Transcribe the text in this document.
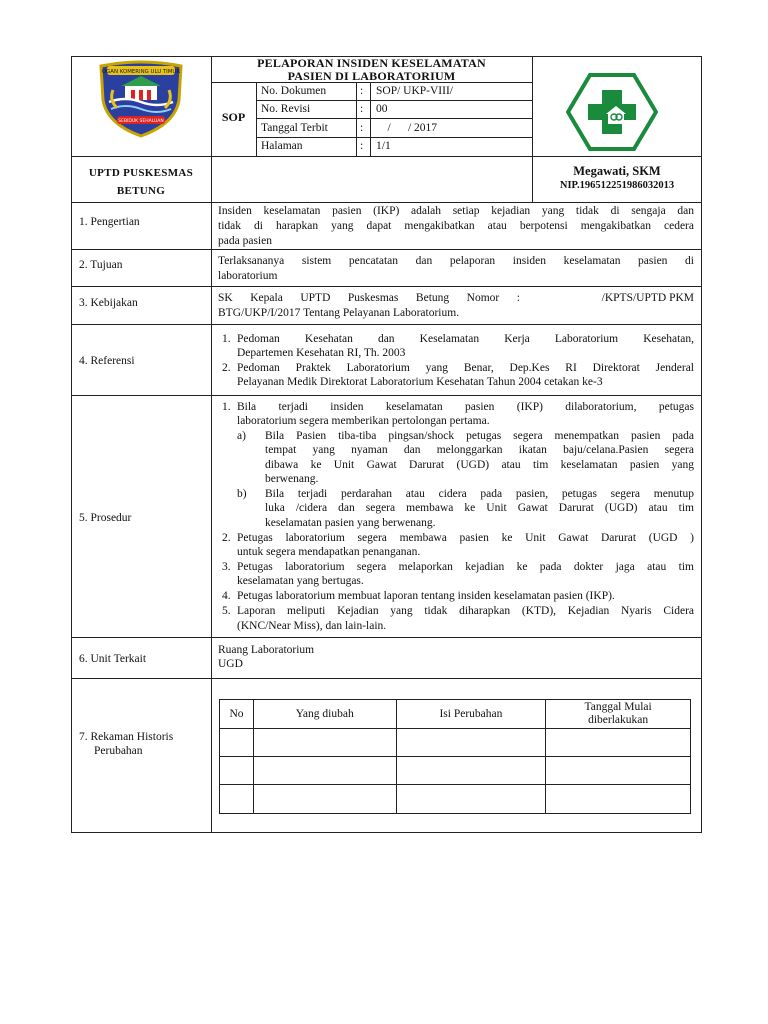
OGAN KOMERING ULU TIMUR
SEBIDUK SEHALUAN
PELAPORAN INSIDEN KESELAMATAN
PASIEN DI LABORATORIUM
SOP
No. Dokumen	: SOP/ UKP-VIII/
No. Revisi	: 00
Tanggal Terbit	: /      / 2017
Halaman	: 1/1
UPTD PUSKESMAS
BETUNG
Megawati, SKM
NIP.196512251986032013
1. Pengertian
Insiden keselamatan pasien (IKP) adalah setiap kejadian yang tidak di sengaja dan
tidak di harapkan yang dapat mengakibatkan atau berpotensi mengakibatkan cedera
pada pasien
2. Tujuan	Terlaksananya sistem pencatatan dan pelaporan insiden keselamatan pasien di
laboratorium
3. Kebijakan	SK Kepala UPTD Puskesmas Betung Nomor :	/KPTS/UPTD PKM
BTG/UKP/I/2017 Tentang Pelayanan Laboratorium.
4. Referensi
1. Pedoman Kesehatan dan Keselamatan Kerja Laboratorium Kesehatan,
Departemen Kesehatan RI, Th. 2003
2. Pedoman Praktek Laboratorium yang Benar, Dep.Kes RI Direktorat Jenderal
Pelayanan Medik Direktorat Laboratorium Kesehatan Tahun 2004 cetakan ke-3
5. Prosedur
1. Bila terjadi insiden keselamatan pasien (IKP) dilaboratorium, petugas
laboratorium segera memberikan pertolongan pertama.
a) Bila Pasien tiba-tiba pingsan/shock petugas segera menempatkan pasien pada
tempat yang nyaman dan melonggarkan ikatan baju/celana.Pasien segera
dibawa ke Unit Gawat Darurat (UGD) atau tim keselamatan pasien yang
berwenang.
b) Bila terjadi perdarahan atau cidera pada pasien, petugas segera menutup
luka /cidera dan segera membawa ke Unit Gawat Darurat (UGD) atau tim
keselamatan pasien yang berwenang.
2. Petugas laboratorium segera membawa pasien ke Unit Gawat Darurat (UGD )
untuk segera mendapatkan penanganan.
3. Petugas laboratorium segera melaporkan kejadian ke pada dokter jaga atau tim
keselamatan yang bertugas.
4. Petugas laboratorium membuat laporan tentang insiden keselamatan pasien (IKP).
5. Laporan meliputi Kejadian yang tidak diharapkan (KTD), Kejadian Nyaris Cidera
(KNC/Near Miss), dan lain-lain.
6. Unit Terkait
Ruang Laboratorium
UGD
7. Rekaman Historis
Perubahan
No	Yang diubah	Isi Perubahan	Tanggal Mulai
diberlakukan
